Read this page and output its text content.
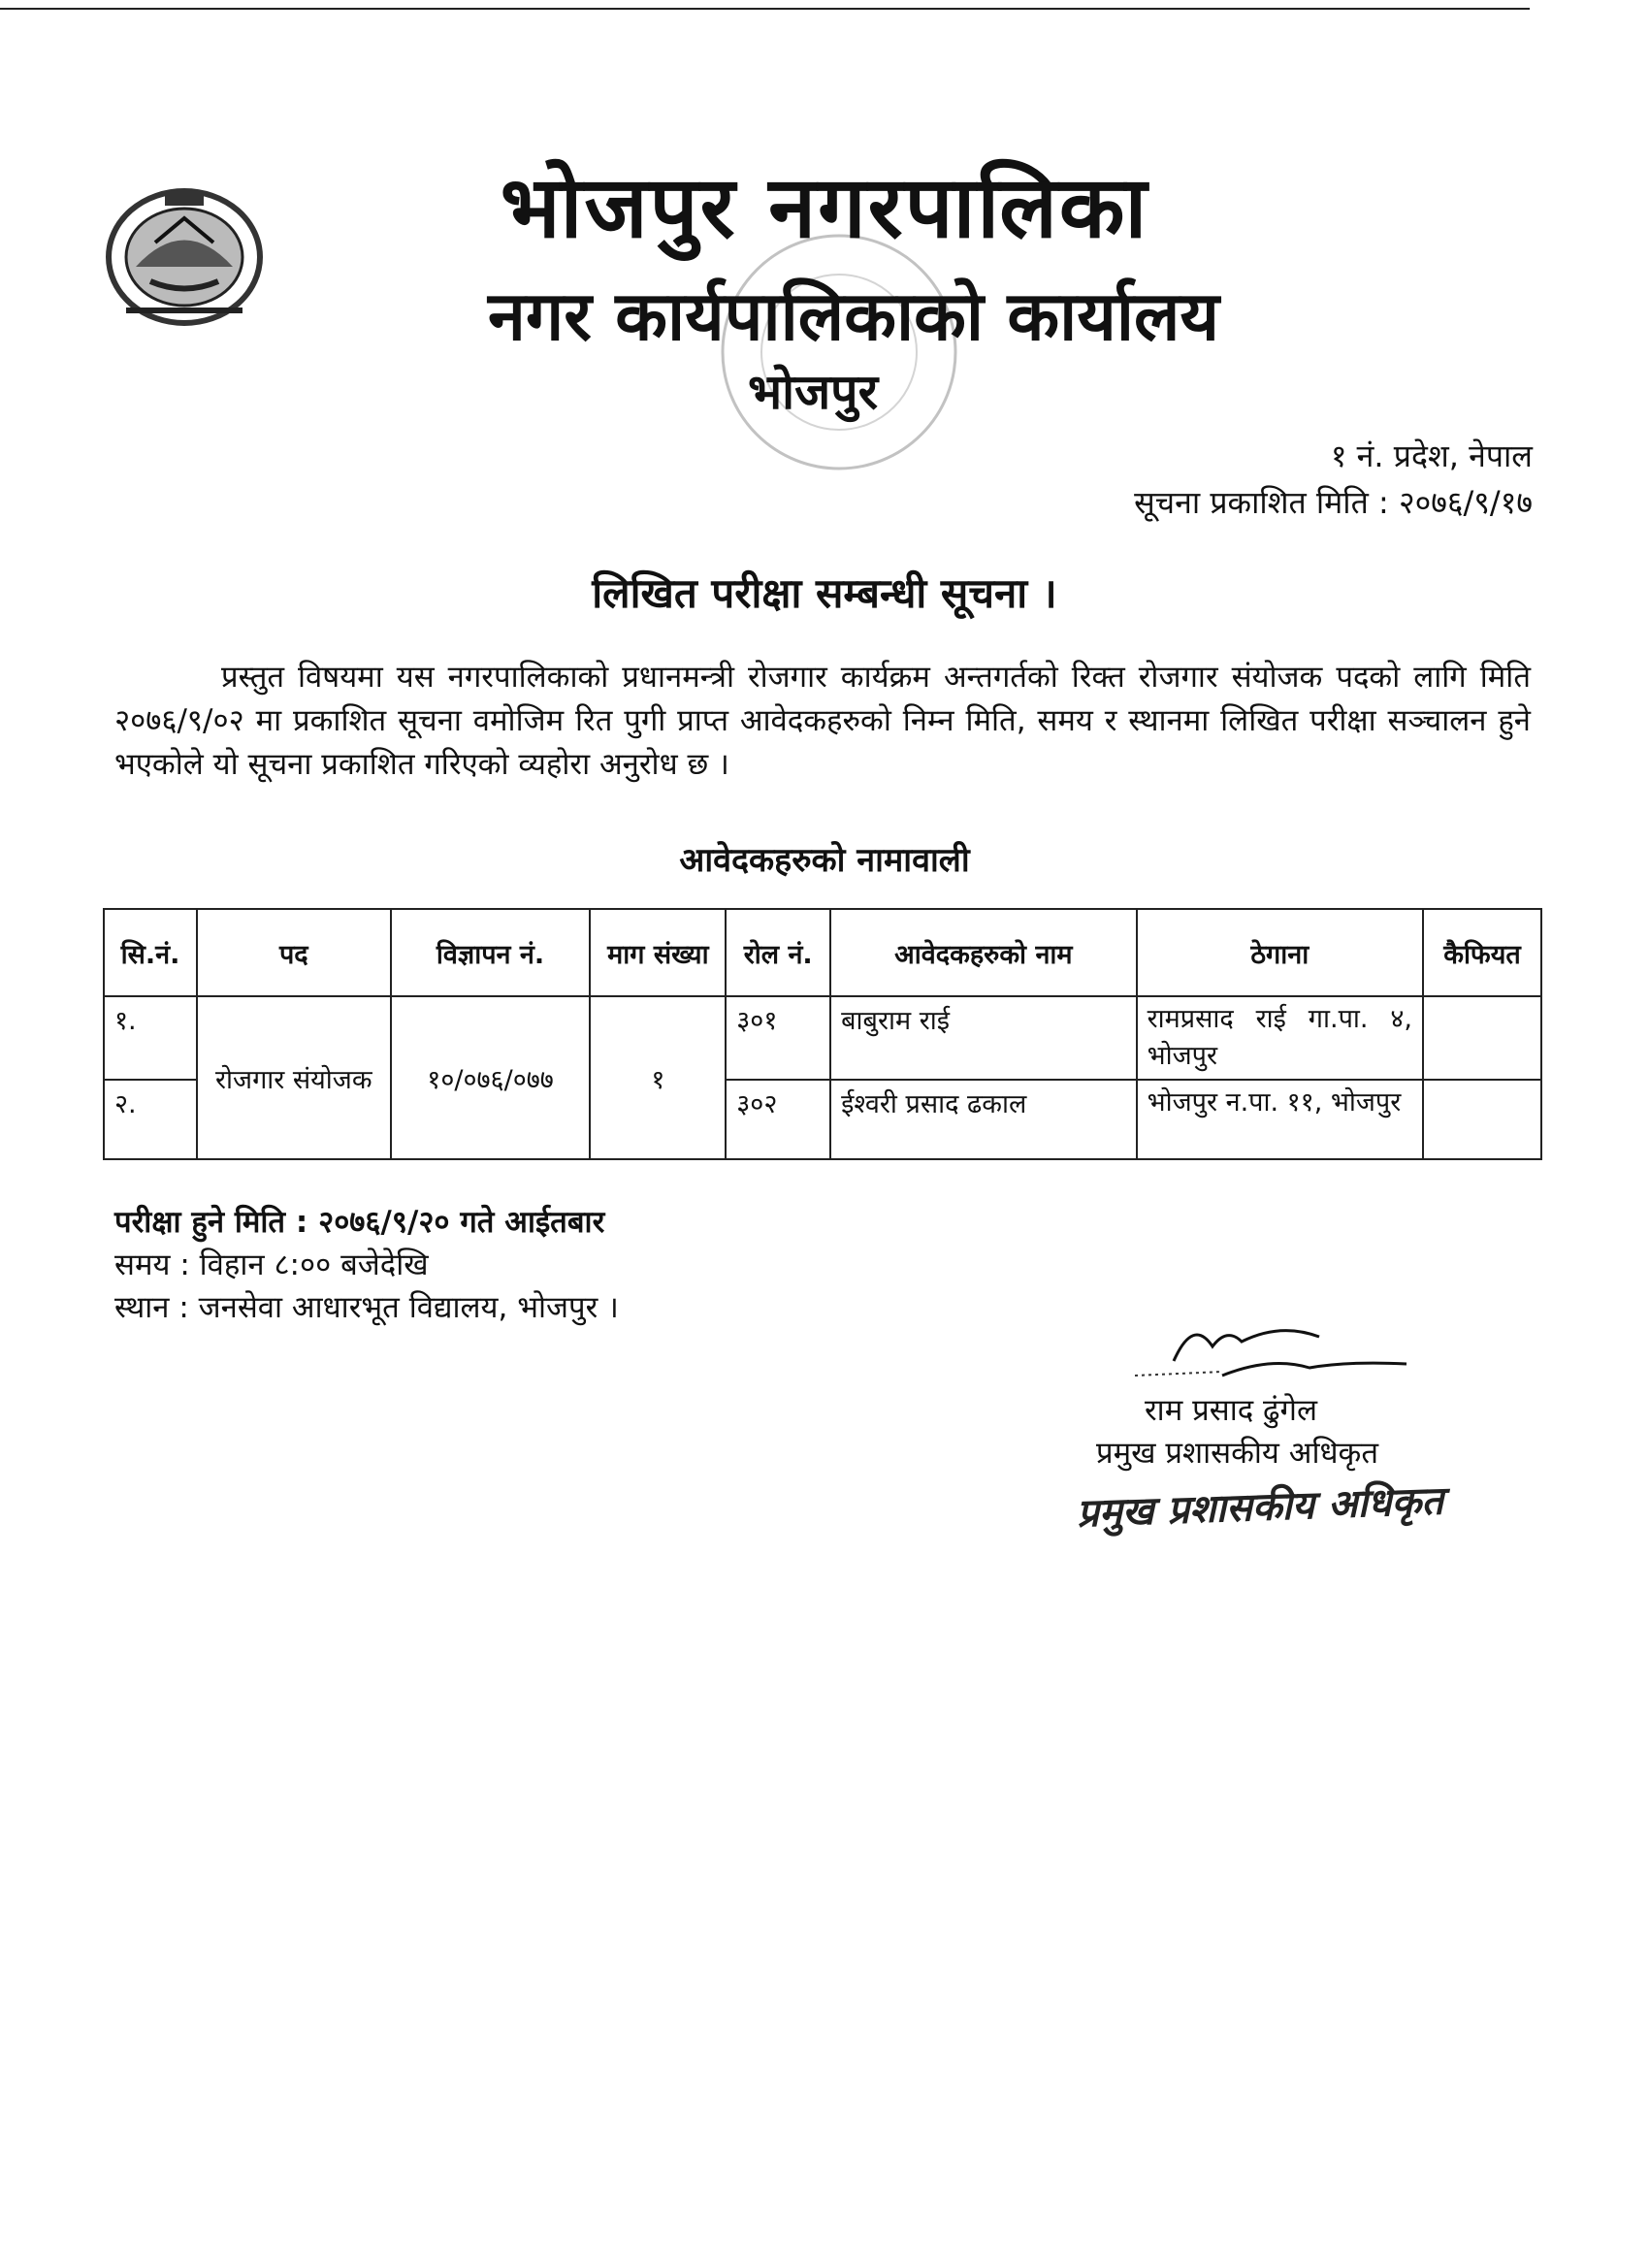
भोजपुर नगरपालिका
नगर कार्यपालिकाको कार्यालय
भोजपुर
१ नं. प्रदेश, नेपाल
सूचना प्रकाशित मिति : २०७६/९/१७
लिखित परीक्षा सम्बन्धी सूचना ।
प्रस्तुत विषयमा यस नगरपालिकाको प्रधानमन्त्री रोजगार कार्यक्रम अन्तगर्तको रिक्त रोजगार संयोजक पदको लागि मिति २०७६/९/०२ मा प्रकाशित सूचना वमोजिम रित पुगी प्राप्त आवेदकहरुको निम्न मिति, समय र स्थानमा लिखित परीक्षा सञ्चालन हुने भएकोले यो सूचना प्रकाशित गरिएको व्यहोरा अनुरोध छ ।
आवेदकहरुको नामावाली
सि.नं.	पद	विज्ञापन नं.	माग संख्या	रोल नं.	आवेदकहरुको नाम	ठेगाना	कैफियत
१.	रोजगार संयोजक	१०/०७६/०७७	१	३०१	बाबुराम राई	रामप्रसाद राई गा.पा. ४, भोजपुर	
२.				३०२	ईश्वरी प्रसाद ढकाल	भोजपुर न.पा. ११, भोजपुर	
परीक्षा हुने मिति : २०७६/९/२० गते आईतबार
समय : विहान ८:०० बजेदेखि
स्थान : जनसेवा आधारभूत विद्यालय, भोजपुर ।
राम प्रसाद ढुंगेल
प्रमुख प्रशासकीय अधिकृत
प्रमुख प्रशासकीय अधिकृत
